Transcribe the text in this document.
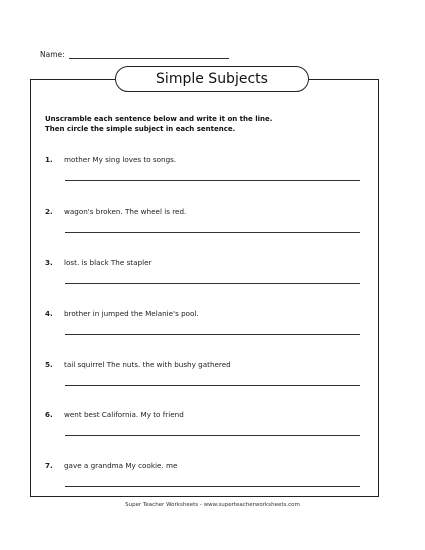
Name:
Simple Subjects
Unscramble each sentence below and write it on the line.
Then circle the simple subject in each sentence.
1. mother My sing loves to songs.
2. wagon's broken. The wheel is red.
3. lost. is black The stapler
4. brother in jumped the Melanie's pool.
5. tail squirrel The nuts. the with bushy gathered
6. went best California. My to friend
7. gave a grandma My cookie. me
Super Teacher Worksheets - www.superteacherworksheets.com
